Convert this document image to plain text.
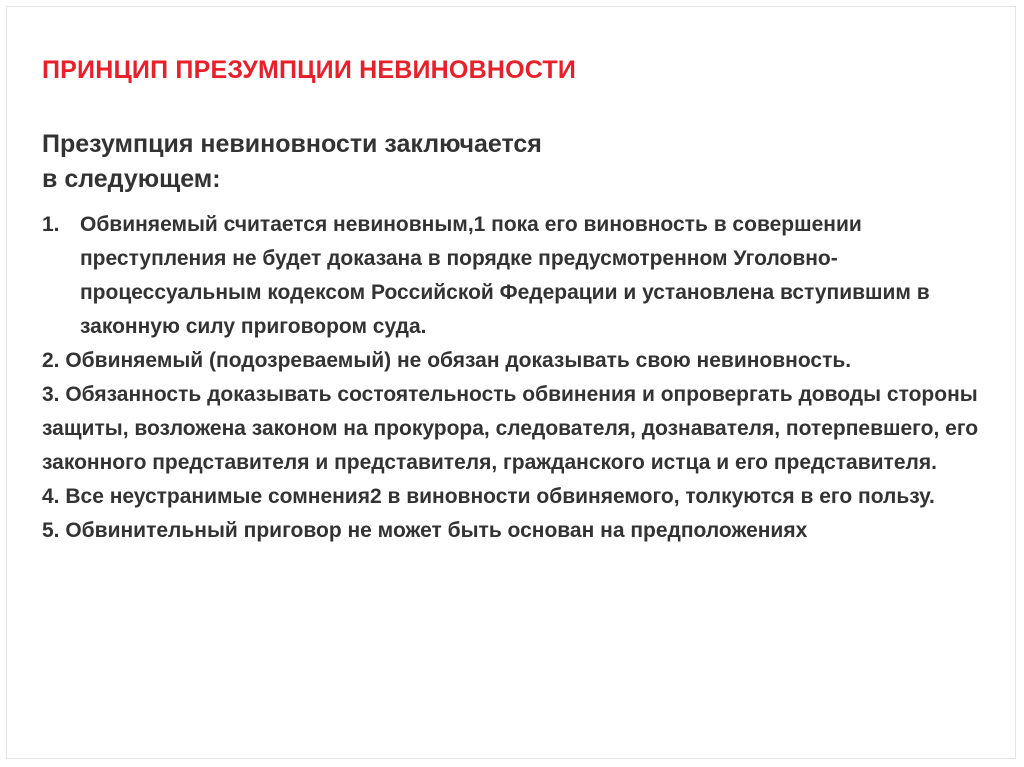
ПРИНЦИП ПРЕЗУМПЦИИ НЕВИНОВНОСТИ
Презумпция невиновности заключается
в следующем:
1. Обвиняемый считается невиновным,1 пока его виновность в совершении преступления не будет доказана в порядке предусмотренном Уголовно-процессуальным кодексом Российской Федерации и установлена вступившим в законную силу приговором суда.
2. Обвиняемый (подозреваемый) не обязан доказывать свою невиновность.
3. Обязанность доказывать состоятельность обвинения и опровергать доводы стороны защиты, возложена законом на прокурора, следователя, дознавателя, потерпевшего, его законного представителя и представителя, гражданского истца и его представителя.
4. Все неустранимые сомнения2 в виновности обвиняемого, толкуются в его пользу.
5. Обвинительный приговор не может быть основан на предположениях
